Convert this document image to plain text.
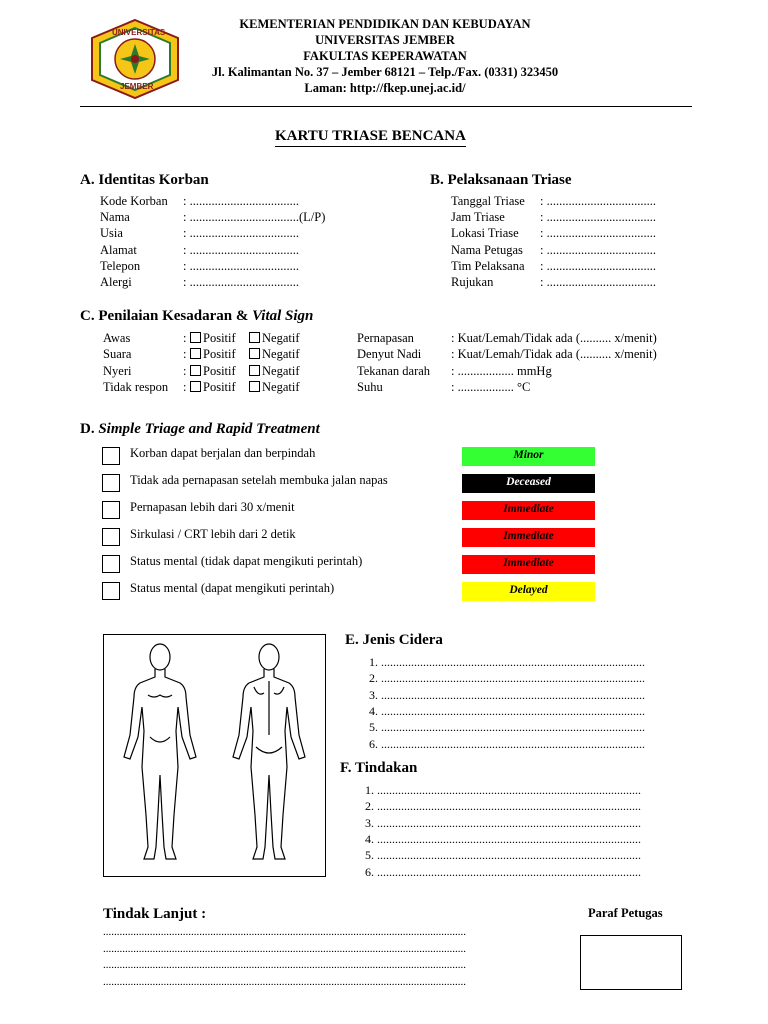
UNIVERSITAS
JEMBER
KEMENTERIAN PENDIDIKAN DAN KEBUDAYAN
UNIVERSITAS JEMBER
FAKULTAS KEPERAWATAN
Jl. Kalimantan No. 37 – Jember 68121 – Telp./Fax. (0331) 323450
Laman: http://fkep.unej.ac.id/
KARTU TRIASE BENCANA
A. Identitas Korban
Kode Korban : ...................................
Nama	: ...................................(L/P)
Usia	: ...................................
Alamat	: ...................................
Telepon	: ...................................
Alergi	: ...................................
B. Pelaksanaan Triase
Tanggal Triase : ...................................
Jam Triase	: ...................................
Lokasi Triase : ...................................
Nama Petugas : ...................................
Tim Pelaksana : ...................................
Rujukan	: ...................................
C. Penilaian Kesadaran & Vital Sign
Awas	:	Positif	Negatif
Suara	:	Positif	Negatif
Nyeri	:	Positif	Negatif
Tidak respon :	Positif	Negatif
Pernapasan	: Kuat/Lemah/Tidak ada (.......... x/menit)
Denyut Nadi : Kuat/Lemah/Tidak ada (.......... x/menit)
Tekanan darah : .................. mmHg
Suhu	: .................. °C
D. Simple Triage and Rapid Treatment
Korban dapat berjalan dan berpindah	Minor
Tidak ada pernapasan setelah membuka jalan napas	Deceased
Pernapasan lebih dari 30 x/menit	Immediate
Sirkulasi / CRT lebih dari 2 detik	Immediate
Status mental (tidak dapat mengikuti perintah)	Immediate
Status mental (dapat mengikuti perintah)	Delayed
E. Jenis Cidera
1. ........................................................................................
2. ........................................................................................
3. ........................................................................................
4. ........................................................................................
5. ........................................................................................
6. ........................................................................................
F. Tindakan
1. ........................................................................................
2. ........................................................................................
3. ........................................................................................
4. ........................................................................................
5. ........................................................................................
6. ........................................................................................
Tindak Lanjut :
....................................................................................................................................
....................................................................................................................................
....................................................................................................................................
....................................................................................................................................
Paraf Petugas
